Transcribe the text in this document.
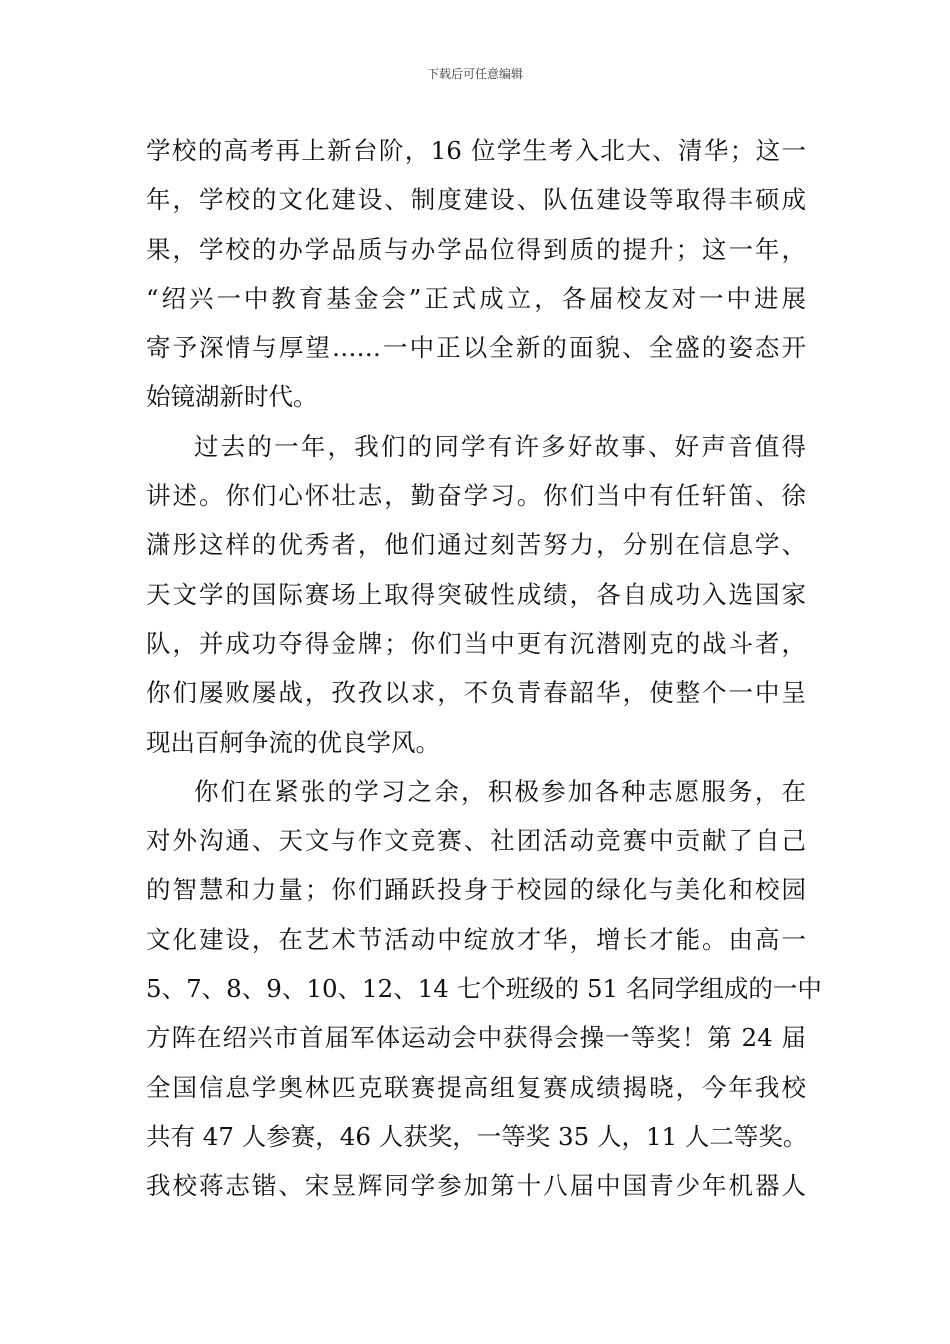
下载后可任意编辑
学校的高考再上新台阶，16 位学生考入北大、清华；这一
年，学校的文化建设、制度建设、队伍建设等取得丰硕成
果，学校的办学品质与办学品位得到质的提升；这一年，
“绍兴一中教育基金会”正式成立，各届校友对一中进展
寄予深情与厚望……一中正以全新的面貌、全盛的姿态开
始镜湖新时代。
过去的一年，我们的同学有许多好故事、好声音值得
讲述。你们心怀壮志，勤奋学习。你们当中有任轩笛、徐
潇彤这样的优秀者，他们通过刻苦努力，分别在信息学、
天文学的国际赛场上取得突破性成绩，各自成功入选国家
队，并成功夺得金牌；你们当中更有沉潜刚克的战斗者，
你们屡败屡战，孜孜以求，不负青春韶华，使整个一中呈
现出百舸争流的优良学风。
你们在紧张的学习之余，积极参加各种志愿服务，在
对外沟通、天文与作文竞赛、社团活动竞赛中贡献了自己
的智慧和力量；你们踊跃投身于校园的绿化与美化和校园
文化建设，在艺术节活动中绽放才华，增长才能。由高一
5、7、8、9、10、12、14 七个班级的 51 名同学组成的一中
方阵在绍兴市首届军体运动会中获得会操一等奖！第 24 届
全国信息学奥林匹克联赛提高组复赛成绩揭晓，今年我校
共有 47 人参赛，46 人获奖，一等奖 35 人，11 人二等奖。
我校蒋志锴、宋昱辉同学参加第十八届中国青少年机器人
